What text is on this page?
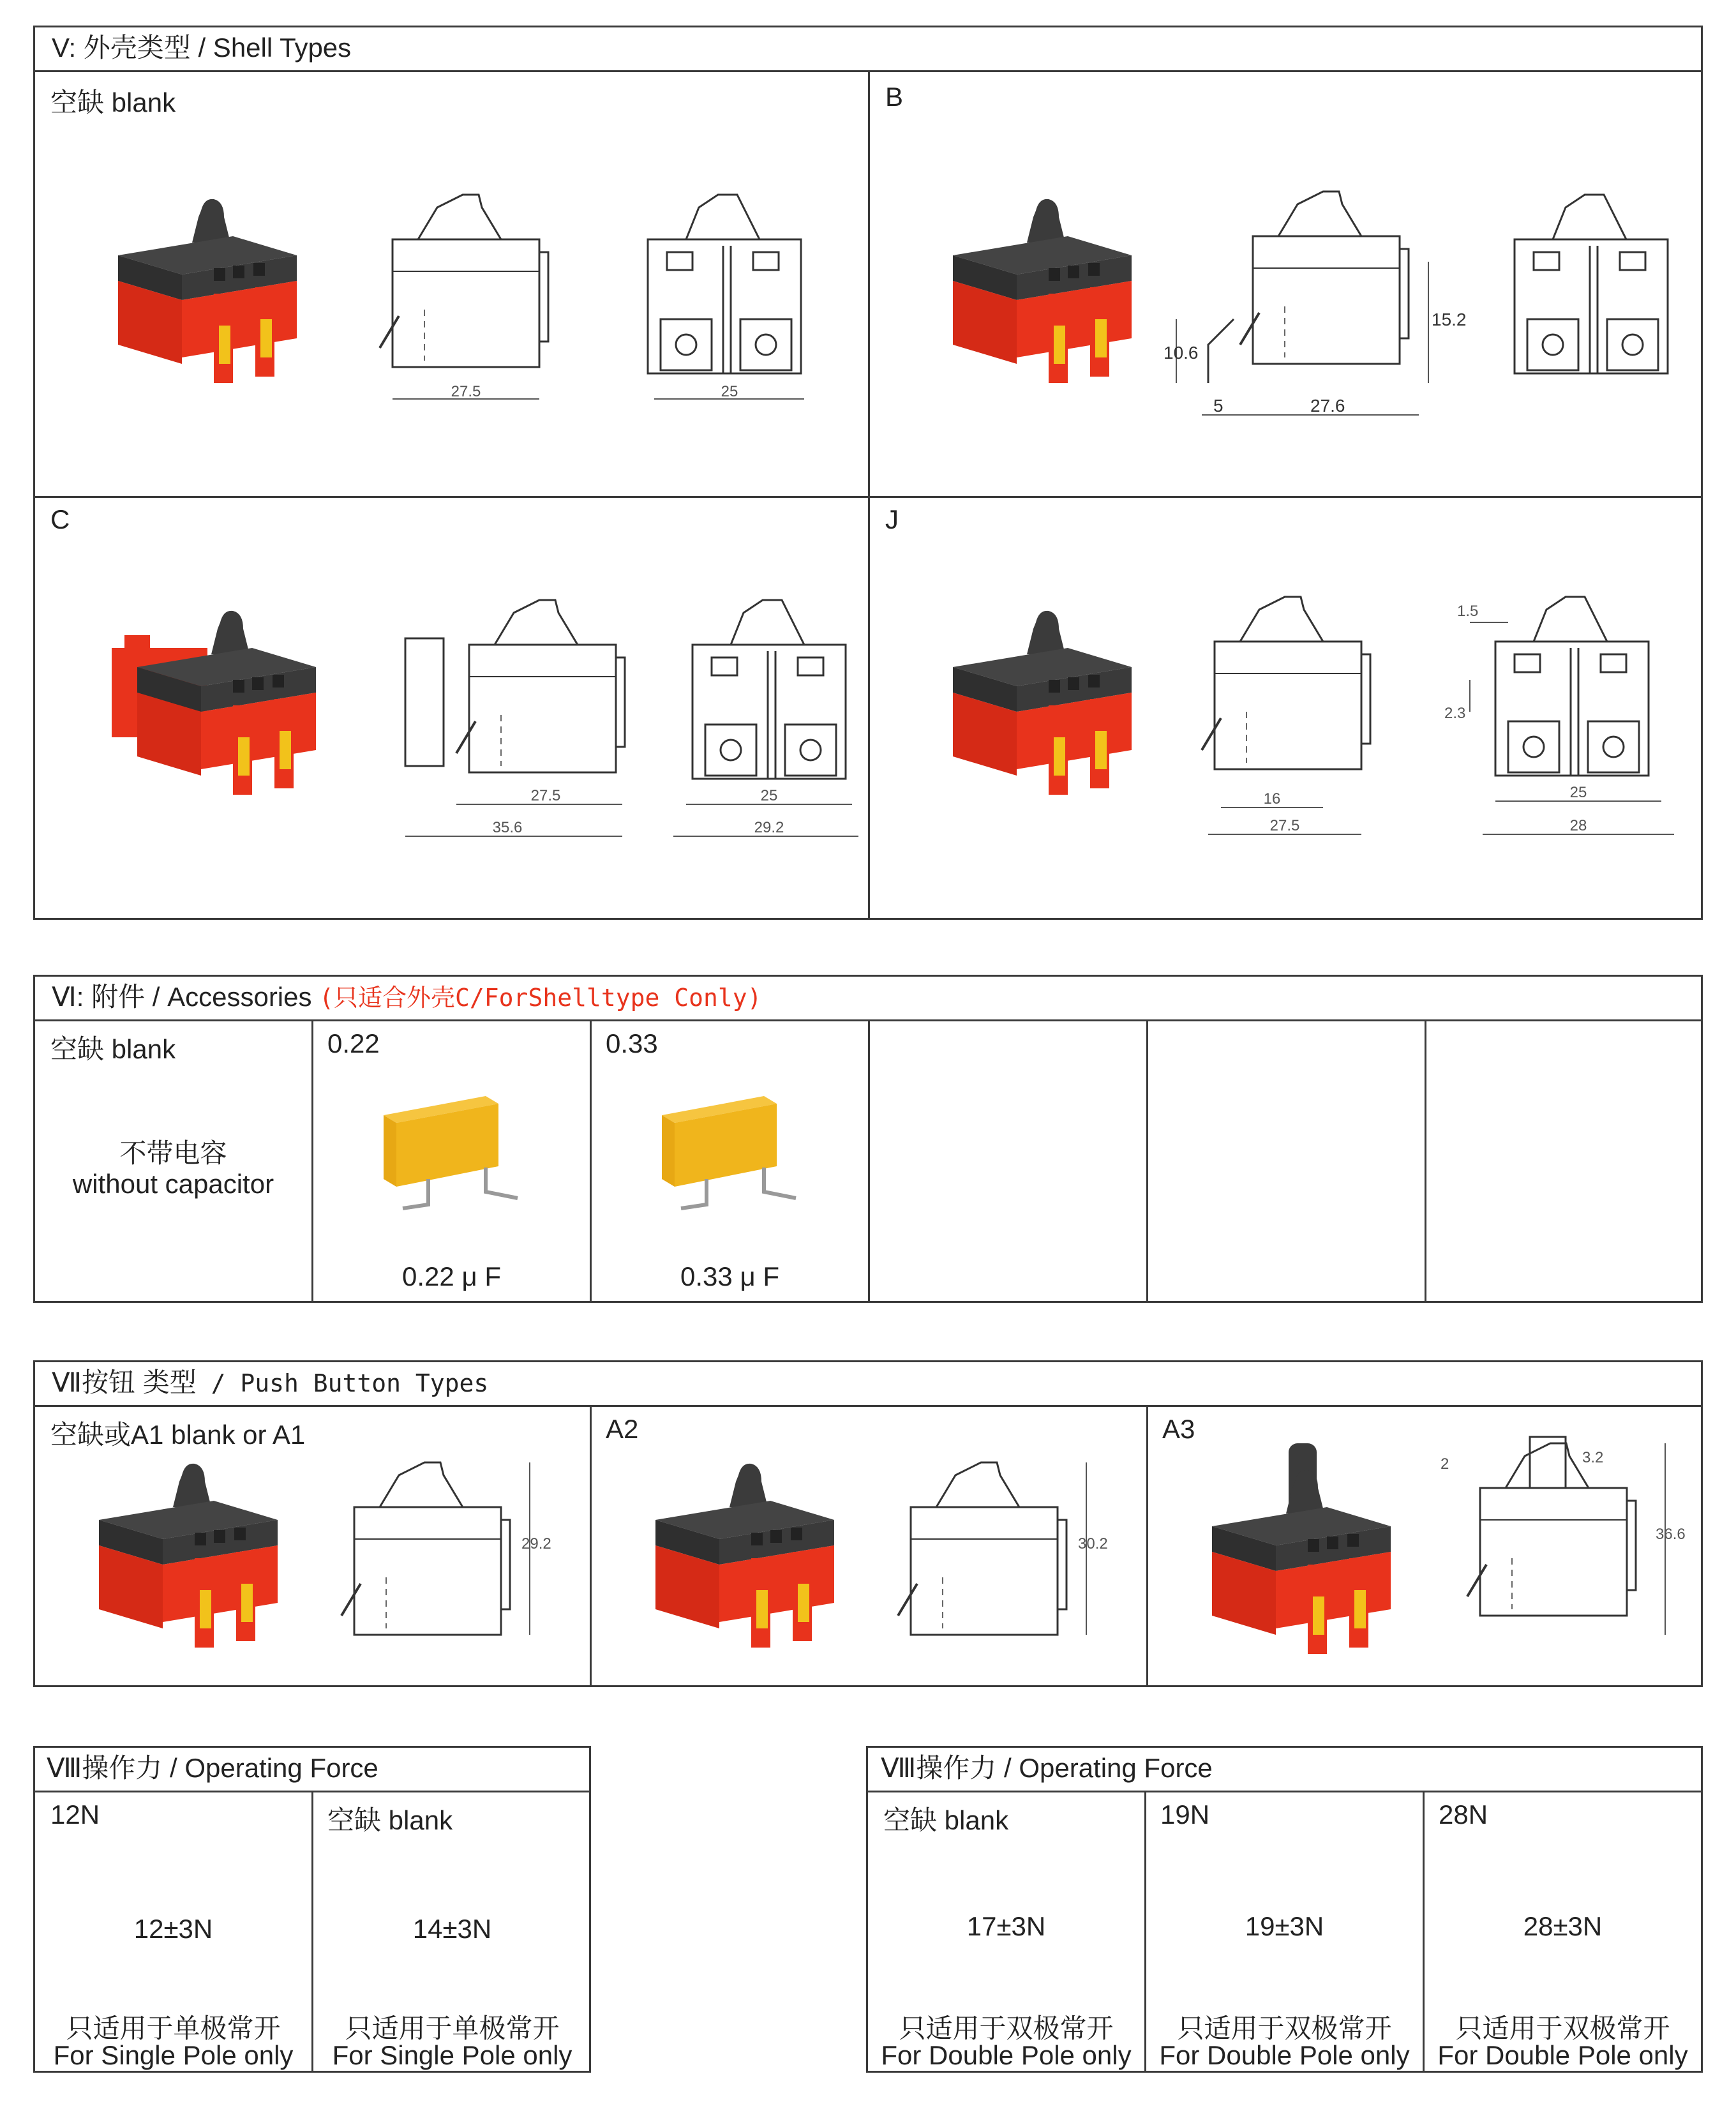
V: 外壳类型 / Shell Types
空缺 blank
27.5	25
B
10.6
5	27.6
15.2
C
27.5
35.6
25
29.2
J
16
27.5
1.5
2.3
25
28
Ⅵ: 附件 / Accessories (只适合外壳C/ForShelltype Conly)
空缺 blank
不带电容
without capacitor
0.22
0.22 μ F
0.33
0.33 μ F
Ⅶ按钮 类型 / Push Button Types
空缺或A1 blank or A1
29.2
A2
30.2
A3
2	3.2
36.6
Ⅷ操作力 / Operating Force
12N
12±3N
只适用于单极常开
For Single Pole only
空缺 blank
14±3N
只适用于单极常开
For Single Pole only
Ⅷ操作力 / Operating Force
空缺 blank
17±3N
只适用于双极常开
For Double Pole only
19N
19±3N
只适用于双极常开
For Double Pole only
28N
28±3N
只适用于双极常开
For Double Pole only
